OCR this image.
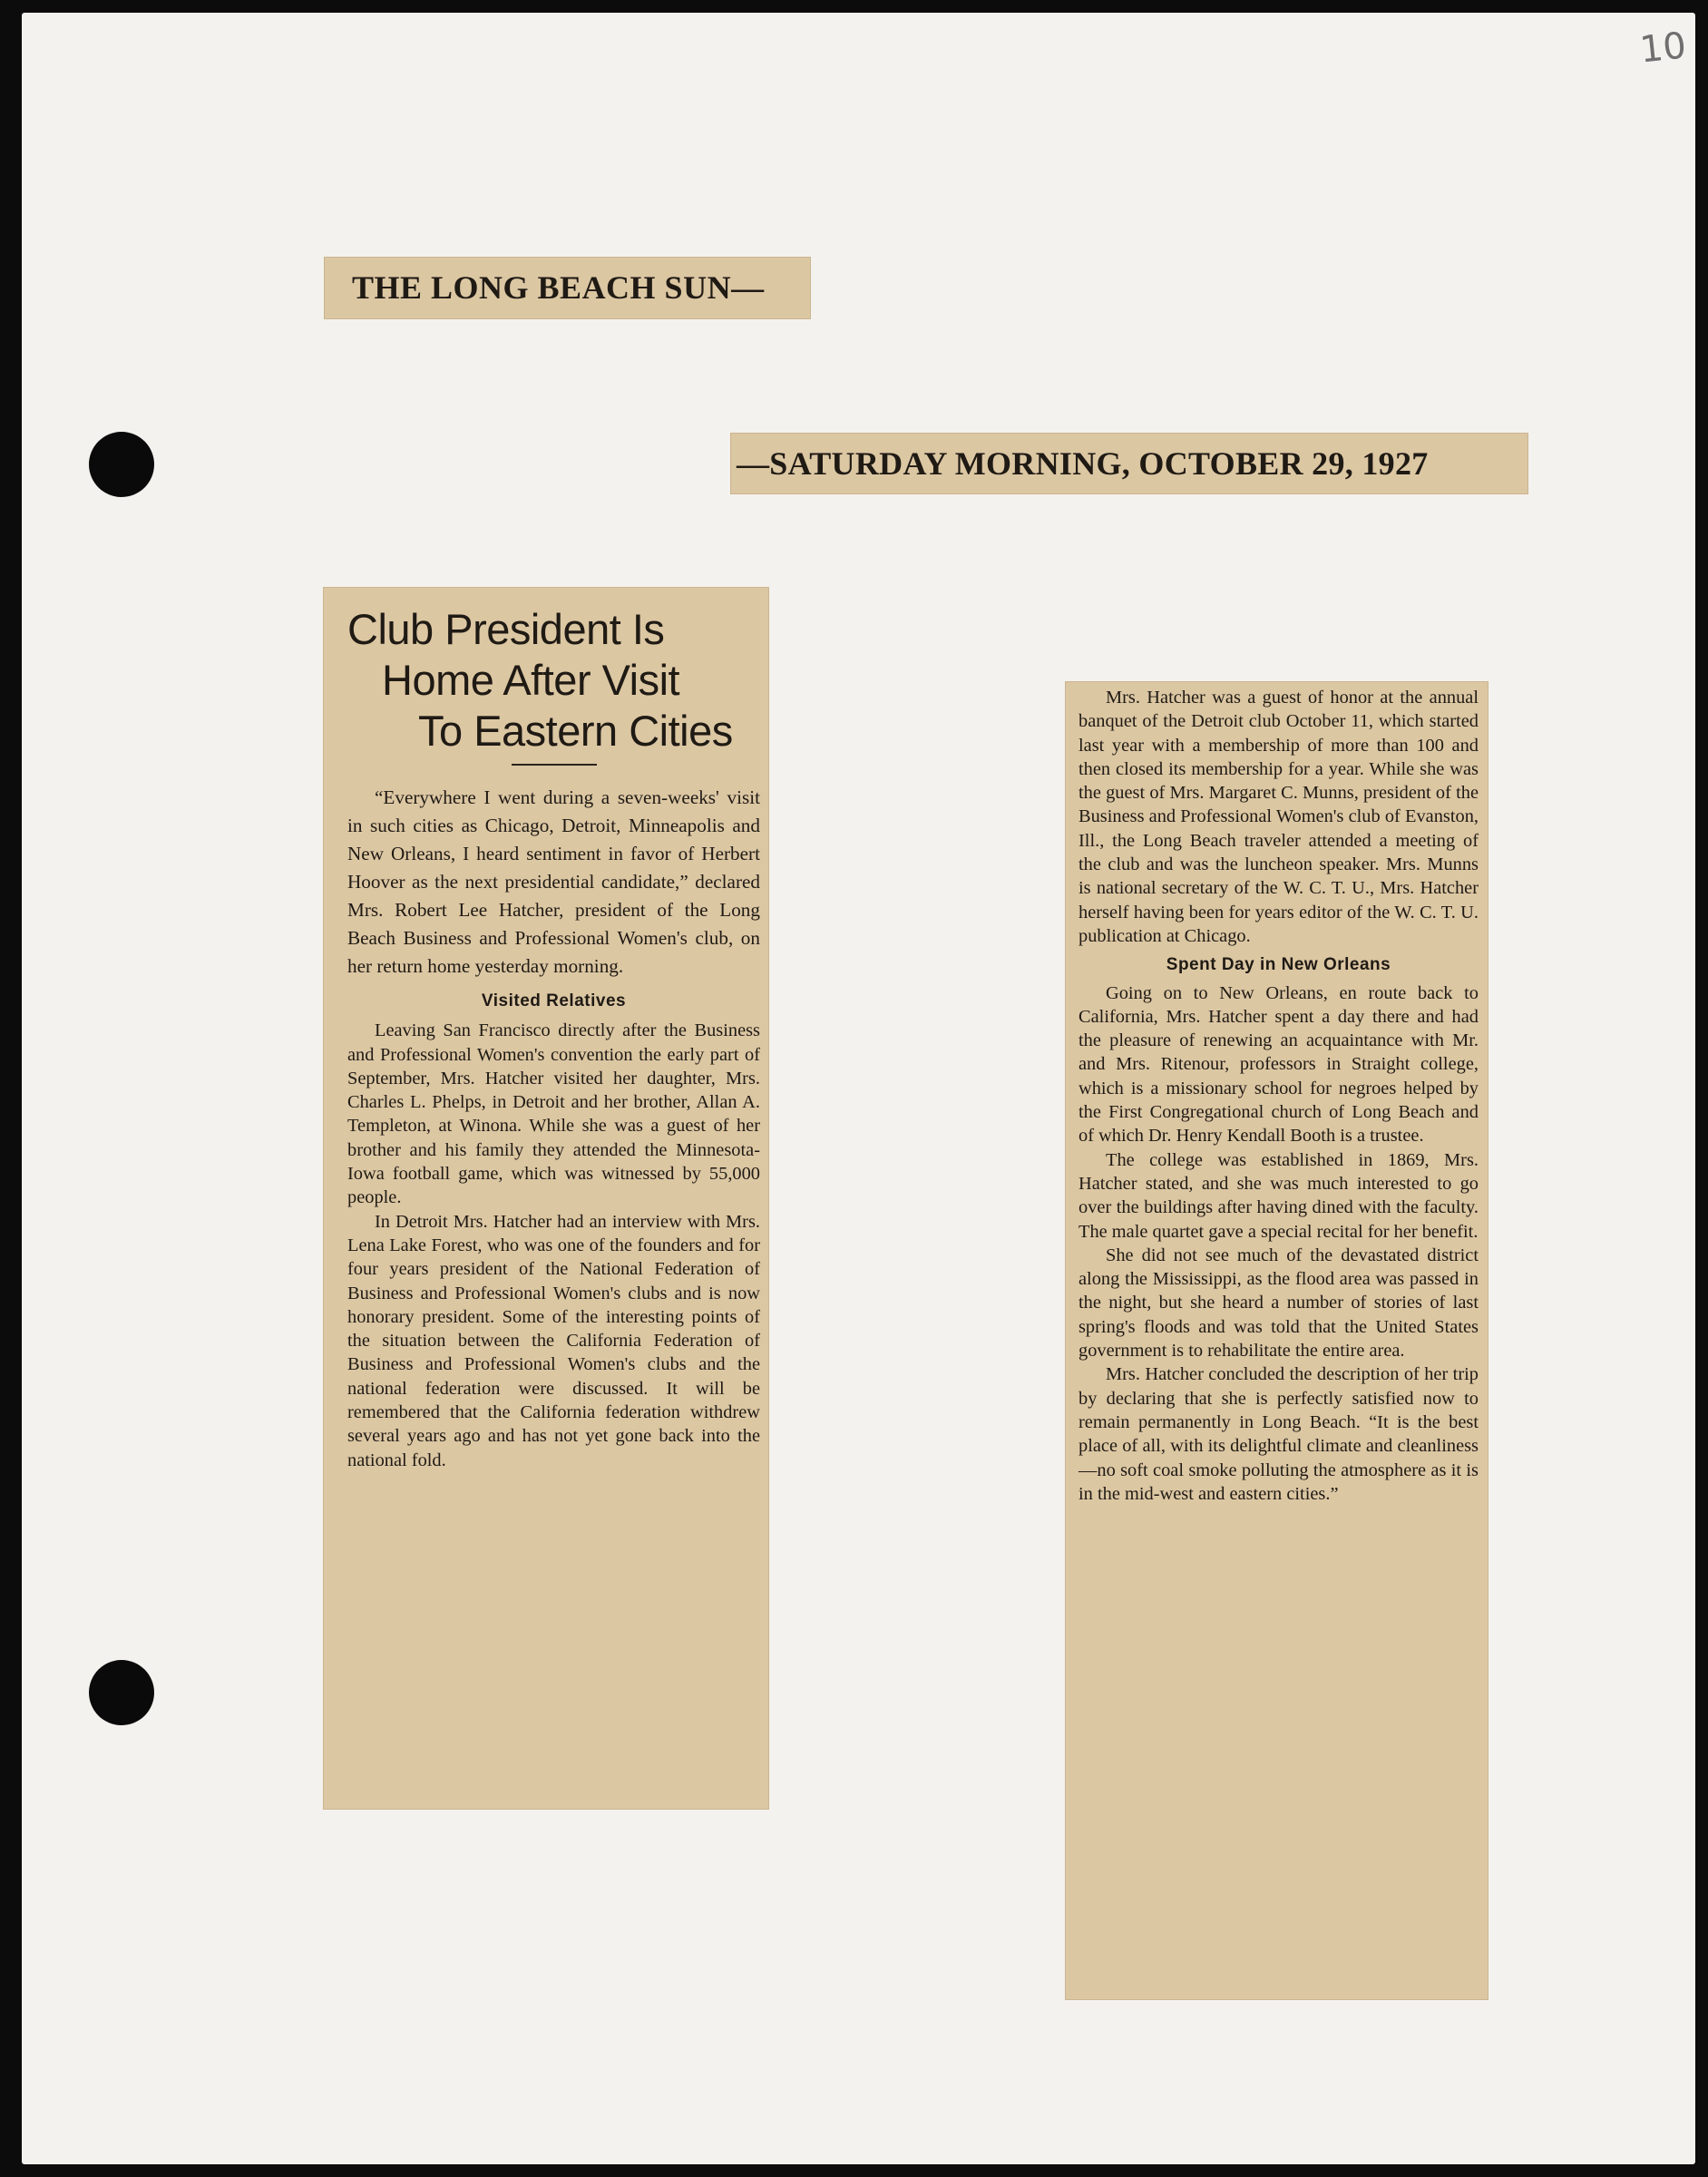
10
THE LONG BEACH SUN—
—SATURDAY MORNING, OCTOBER 29, 1927
Club President Is
Home After Visit
To Eastern Cities

“Everywhere I went during a seven-weeks' visit in such cities as Chicago, Detroit, Minneapolis and New Orleans, I heard sentiment in favor of Herbert Hoover as the next presidential candidate,” declared Mrs. Robert Lee Hatcher, president of the Long Beach Business and Professional Women's club, on her return home yesterday morning.

Visited Relatives

Leaving San Francisco directly after the Business and Professional Women's convention the early part of September, Mrs. Hatcher visited her daughter, Mrs. Charles L. Phelps, in Detroit and her brother, Allan A. Templeton, at Winona. While she was a guest of her brother and his family they attended the Minnesota-Iowa football game, which was witnessed by 55,000 people.

In Detroit Mrs. Hatcher had an interview with Mrs. Lena Lake Forest, who was one of the founders and for four years president of the National Federation of Business and Professional Women's clubs and is now honorary president. Some of the interesting points of the situation between the California Federation of Business and Professional Women's clubs and the national federation were discussed. It will be remembered that the California federation withdrew several years ago and has not yet gone back into the national fold.

Mrs. Hatcher was a guest of honor at the annual banquet of the Detroit club October 11, which started last year with a membership of more than 100 and then closed its membership for a year. While she was the guest of Mrs. Margaret C. Munns, president of the Business and Professional Women's club of Evanston, Ill., the Long Beach traveler attended a meeting of the club and was the luncheon speaker. Mrs. Munns is national secretary of the W. C. T. U., Mrs. Hatcher herself having been for years editor of the W. C. T. U. publication at Chicago.

Spent Day in New Orleans

Going on to New Orleans, en route back to California, Mrs. Hatcher spent a day there and had the pleasure of renewing an acquaintance with Mr. and Mrs. Ritenour, professors in Straight college, which is a missionary school for negroes helped by the First Congregational church of Long Beach and of which Dr. Henry Kendall Booth is a trustee.

The college was established in 1869, Mrs. Hatcher stated, and she was much interested to go over the buildings after having dined with the faculty. The male quartet gave a special recital for her benefit.

She did not see much of the devastated district along the Mississippi, as the flood area was passed in the night, but she heard a number of stories of last spring's floods and was told that the United States government is to rehabilitate the entire area.

Mrs. Hatcher concluded the description of her trip by declaring that she is perfectly satisfied now to remain permanently in Long Beach. “It is the best place of all, with its delightful climate and cleanliness—no soft coal smoke polluting the atmosphere as it is in the mid-west and eastern cities.”
